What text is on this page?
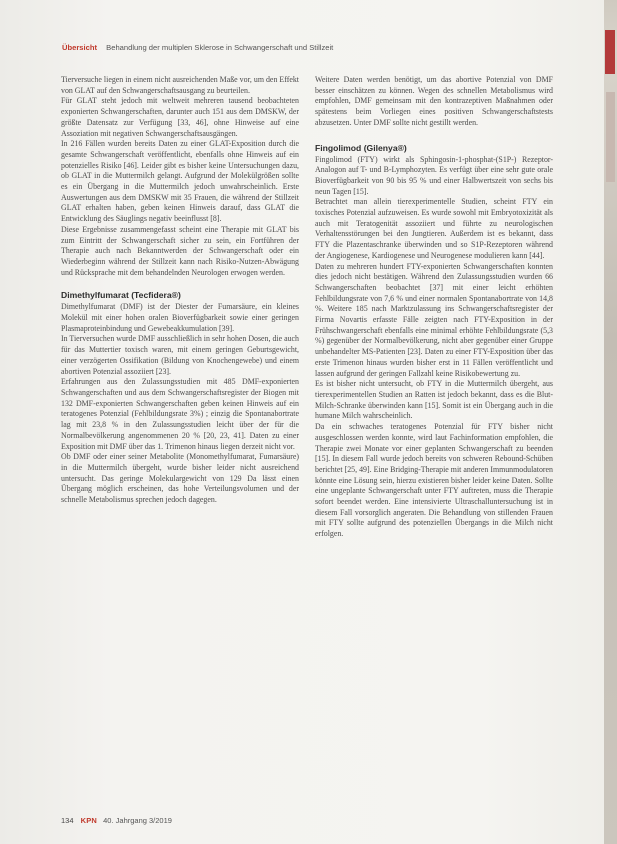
Übersicht Behandlung der multiplen Sklerose in Schwangerschaft und Stillzeit

Tierversuche liegen in einem nicht ausreichenden Maße vor, um den Effekt von GLAT auf den Schwangerschaftsausgang zu beurteilen.

Für GLAT steht jedoch mit weltweit mehreren tausend beobachteten exponierten Schwangerschaften, darunter auch 151 aus dem DMSKW, der größte Datensatz zur Verfügung [33, 46], ohne Hinweise auf eine Assoziation mit negativen Schwangerschaftsausgängen.

In 216 Fällen wurden bereits Daten zu einer GLAT-Exposition durch die gesamte Schwangerschaft veröffentlicht, ebenfalls ohne Hinweis auf ein potenzielles Risiko [46]. Leider gibt es bisher keine Untersuchungen dazu, ob GLAT in die Muttermilch gelangt. Aufgrund der Molekülgrößen sollte es ein Übergang in die Muttermilch jedoch unwahrscheinlich. Erste Auswertungen aus dem DMSKW mit 35 Frauen, die während der Stillzeit GLAT erhalten haben, geben keinen Hinweis darauf, dass GLAT die Entwicklung des Säuglings negativ beeinflusst [8].

Diese Ergebnisse zusammengefasst scheint eine Therapie mit GLAT bis zum Eintritt der Schwangerschaft sicher zu sein, ein Fortführen der Therapie auch nach Bekanntwerden der Schwangerschaft oder ein Wiederbeginn während der Stillzeit kann nach Risiko-Nutzen-Abwägung und Rücksprache mit dem behandelnden Neurologen erwogen werden.

Dimethylfumarat (Tecfidera®)

Dimethylfumarat (DMF) ist der Diester der Fumarsäure, ein kleines Molekül mit einer hohen oralen Bioverfügbarkeit sowie einer geringen Plasmaproteinbindung und Gewebeakkumulation [39].

In Tierversuchen wurde DMF ausschließlich in sehr hohen Dosen, die auch für das Muttertier toxisch waren, mit einem geringen Geburtsgewicht, einer verzögerten Ossifikation (Bildung von Knochengewebe) und einem abortiven Potenzial assoziiert [23].

Erfahrungen aus den Zulassungsstudien mit 485 DMF-exponierten Schwangerschaften und aus dem Schwangerschaftsregister der Biogen mit 132 DMF-exponierten Schwangerschaften geben keinen Hinweis auf ein teratogenes Potenzial (Fehlbildungsrate 3%) ; einzig die Spontanabortrate lag mit 23,8 % in den Zulassungsstudien leicht über der für die Normalbevölkerung angenommenen 20 % [20, 23, 41]. Daten zu einer Exposition mit DMF über das 1. Trimenon hinaus liegen derzeit nicht vor.

Ob DMF oder einer seiner Metabolite (Monomethylfumarat, Fumarsäure) in die Muttermilch übergeht, wurde bisher leider nicht ausreichend untersucht. Das geringe Molekulargewicht von 129 Da lässt einen Übergang möglich erscheinen, das hohe Verteilungsvolumen und der schnelle Metabolismus sprechen jedoch dagegen.

Weitere Daten werden benötigt, um das abortive Potenzial von DMF besser einschätzen zu können. Wegen des schnellen Metabolismus wird empfohlen, DMF gemeinsam mit den kontrazeptiven Maßnahmen oder spätestens beim Vorliegen eines positiven Schwangerschaftstests abzusetzen. Unter DMF sollte nicht gestillt werden.

Fingolimod (Gilenya®)

Fingolimod (FTY) wirkt als Sphingosin-1-phosphat-(S1P-) Rezeptor-Analogon auf T- und B-Lymphozyten. Es verfügt über eine sehr gute orale Bioverfügbarkeit von 90 bis 95 % und einer Halbwertszeit von sechs bis neun Tagen [15].

Betrachtet man allein tierexperimentelle Studien, scheint FTY ein toxisches Potenzial aufzuweisen. Es wurde sowohl mit Embryotoxizität als auch mit Teratogenität assoziiert und führte zu neurologischen Verhaltensstörungen bei den Jungtieren. Außerdem ist es bekannt, dass FTY die Plazentaschranke überwinden und so S1P-Rezeptoren während der Angiogenese, Kardiogenese und Neurogenese modulieren kann [44].

Daten zu mehreren hundert FTY-exponierten Schwangerschaften konnten dies jedoch nicht bestätigen. Während den Zulassungsstudien wurden 66 Schwangerschaften beobachtet [37] mit einer leicht erhöhten Fehlbildungsrate von 7,6 % und einer normalen Spontanabortrate von 14,8 %. Weitere 185 nach Marktzulassung ins Schwangerschaftsregister der Firma Novartis erfasste Fälle zeigten nach FTY-Exposition in der Frühschwangerschaft ebenfalls eine minimal erhöhte Fehlbildungsrate (5,3 %) gegenüber der Normalbevölkerung, nicht aber gegenüber einer Gruppe unbehandelter MS-Patienten [23]. Daten zu einer FTY-Exposition über das erste Trimenon hinaus wurden bisher erst in 11 Fällen veröffentlicht und lassen aufgrund der geringen Fallzahl keine Risikobewertung zu.

Es ist bisher nicht untersucht, ob FTY in die Muttermilch übergeht, aus tierexperimentellen Studien an Ratten ist jedoch bekannt, dass es die Blut-Milch-Schranke überwinden kann [15]. Somit ist ein Übergang auch in die humane Milch wahrscheinlich.

Da ein schwaches teratogenes Potenzial für FTY bisher nicht ausgeschlossen werden konnte, wird laut Fachinformation empfohlen, die Therapie zwei Monate vor einer geplanten Schwangerschaft zu beenden [15]. In diesem Fall wurde jedoch bereits von schweren Rebound-Schüben berichtet [25, 49]. Eine Bridging-Therapie mit anderen Immunmodulatoren könnte eine Lösung sein, hierzu existieren bisher leider keine Daten. Sollte eine ungeplante Schwangerschaft unter FTY auftreten, muss die Therapie sofort beendet werden. Eine intensivierte Ultraschalluntersuchung ist in diesem Fall vorsorglich angeraten. Die Behandlung von stillenden Frauen mit FTY sollte aufgrund des potenziellen Übergangs in die Milch nicht erfolgen.

134 KPN 40. Jahrgang 3/2019
